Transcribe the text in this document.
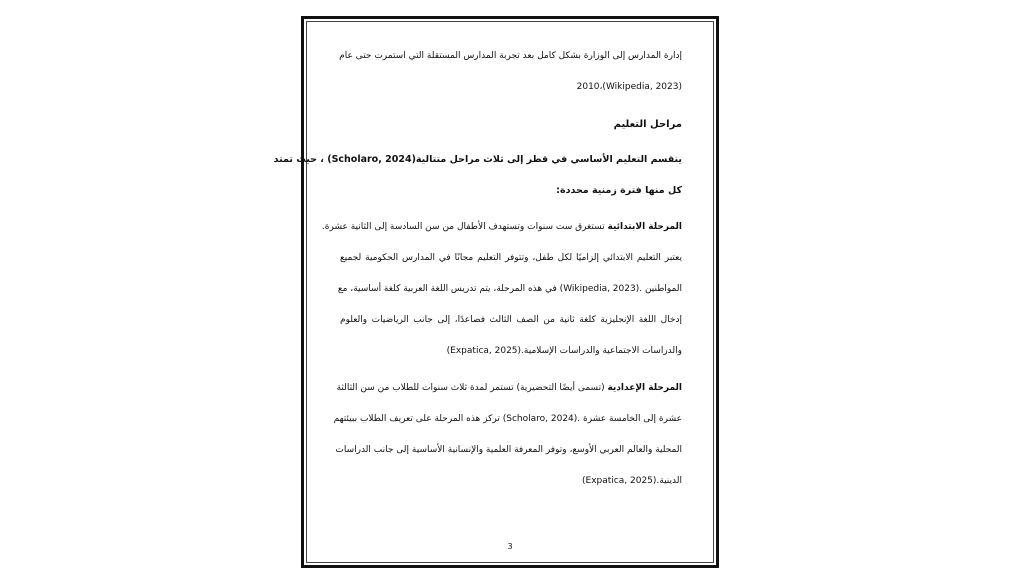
إدارة المدارس إلى الوزارة بشكل كامل بعد تجربة المدارس المستقلة التي استمرت حتى عام
(Wikipedia, 2023)،2010
مراحل التعليم
ينقسم التعليم الأساسي في قطر إلى ثلاث مراحل متتالية(Scholaro, 2024) ، حيث تمتد
كل منها فترة زمنية محددة:
المرحلة الابتدائية تستغرق ست سنوات وتستهدف الأطفال من سن السادسة إلى الثانية عشرة.
يعتبر التعليم الابتدائي إلزاميًا لكل طفل، وتتوفر التعليم مجانًا في المدارس الحكومية لجميع
المواطنين .(Wikipedia, 2023) في هذه المرحلة، يتم تدريس اللغة العربية كلغة أساسية، مع
إدخال اللغة الإنجليزية كلغة ثانية من الصف الثالث فصاعدًا، إلى جانب الرياضيات والعلوم
والدراسات الاجتماعية والدراسات الإسلامية.(Expatica, 2025)
المرحلة الإعدادية (تسمى أيضًا التحضيرية) تستمر لمدة ثلاث سنوات للطلاب من سن الثالثة
عشرة إلى الخامسة عشرة .(Scholaro, 2024) تركز هذه المرحلة على تعريف الطلاب ببيئتهم
المحلية والعالم العربي الأوسع، وتوفر المعرفة العلمية والإنسانية الأساسية إلى جانب الدراسات
الدينية.(Expatica, 2025)
3
